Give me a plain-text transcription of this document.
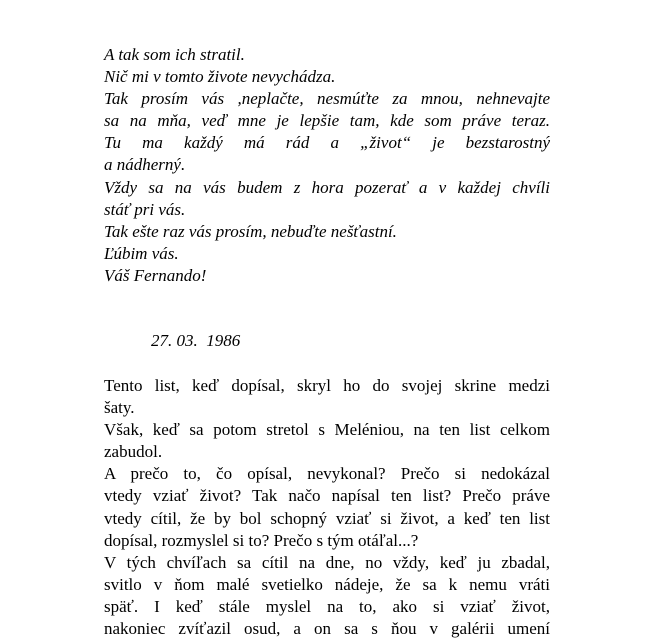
A tak som ich stratil.
Nič mi v tomto živote nevychádza.
Tak prosím vás ,neplačte, nesmúťte za mnou, nehnevajte
sa na mňa, veď mne je lepšie tam, kde som práve teraz.
Tu ma každý má rád a „život“ je bezstarostný
a nádherný.
Vždy sa na vás budem z hora pozerať a v každej chvíli
stáť pri vás.
Tak ešte raz vás prosím, nebuďte nešťastní.
Ľúbim vás.
Váš Fernando!
27. 03.  1986
Tento list, keď dopísal, skryl ho do svojej skrine medzi
šaty.
Však, keď sa potom stretol s Meléniou, na ten list celkom
zabudol.
A prečo to, čo opísal, nevykonal? Prečo si nedokázal
vtedy vziať život? Tak načo napísal ten list? Prečo práve
vtedy cítil, že by bol schopný vziať si život, a keď ten list
dopísal, rozmyslel si to? Prečo s tým otáľal...?
V tých chvíľach sa cítil na dne, no vždy, keď ju zbadal,
svitlo v ňom malé svetielko nádeje, že sa k nemu vráti
späť. I keď stále myslel na to, ako si vziať život,
nakoniec zvíťazil osud, a on sa s ňou v galérii umení
